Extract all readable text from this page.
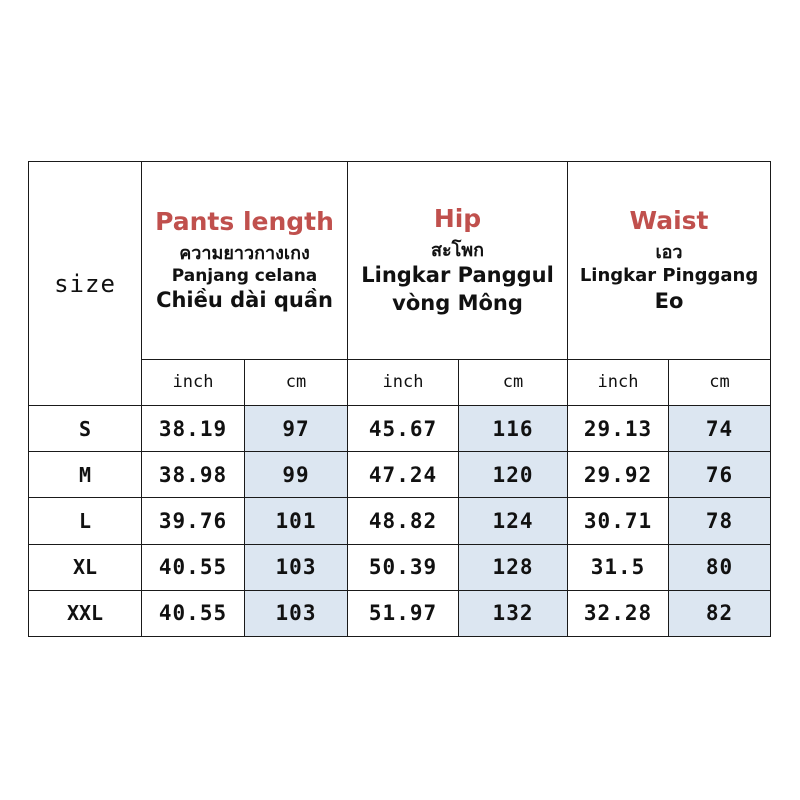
size	Pants length
ความยาวกางเกง
Panjang celana
Chiều dài quần		Hip
สะโพก
Lingkar Panggul
vòng Mông		Waist
เอว
Lingkar Pinggang
Eo	

	inch	cm	inch	cm	inch	cm
S	38.19	97	45.67	116	29.13	74
M	38.98	99	47.24	120	29.92	76
L	39.76	101	48.82	124	30.71	78
XL	40.55	103	50.39	128	31.5	80
XXL	40.55	103	51.97	132	32.28	82
